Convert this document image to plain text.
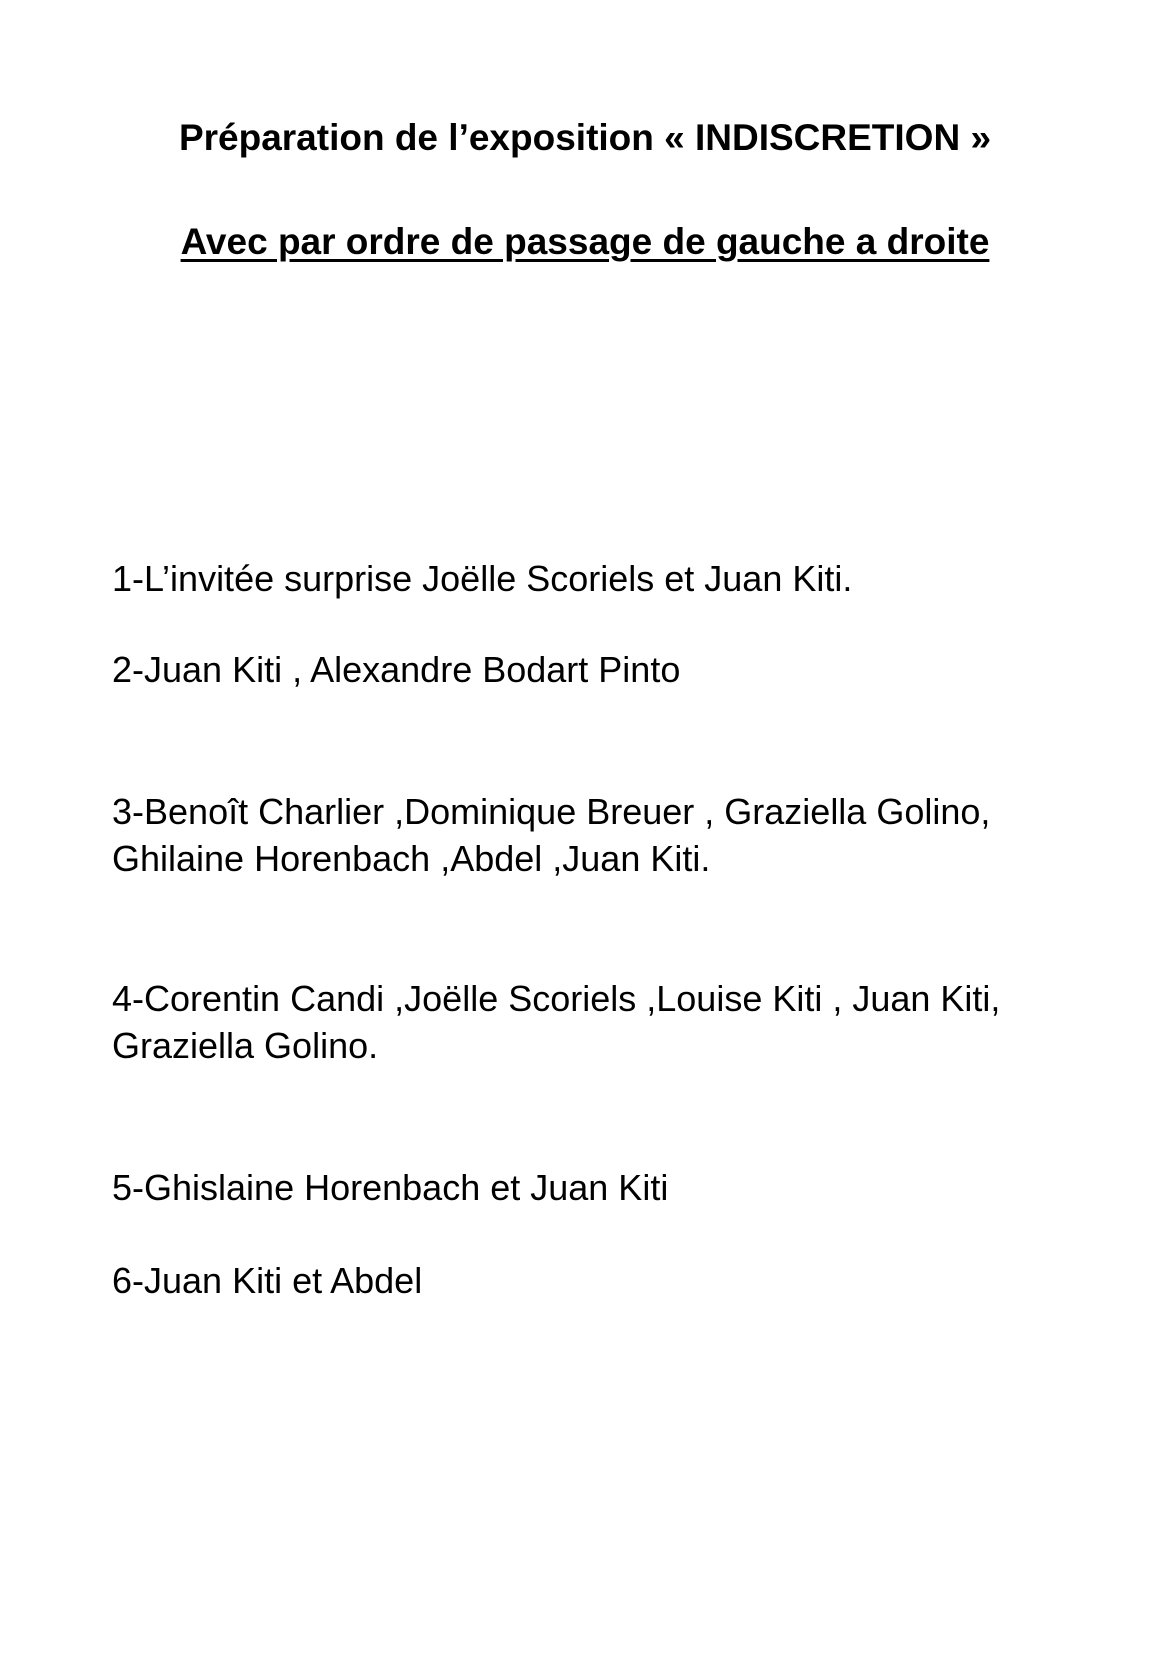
Préparation de l’exposition « INDISCRETION »
Avec par ordre de passage de gauche a droite
1-L’invitée surprise Joëlle Scoriels et Juan Kiti.
2-Juan Kiti , Alexandre Bodart Pinto
3-Benoît Charlier ,Dominique Breuer , Graziella Golino, Ghilaine Horenbach ,Abdel ,Juan Kiti.
4-Corentin Candi ,Joëlle Scoriels ,Louise Kiti , Juan Kiti, Graziella Golino.
5-Ghislaine Horenbach et Juan Kiti
6-Juan Kiti et Abdel
